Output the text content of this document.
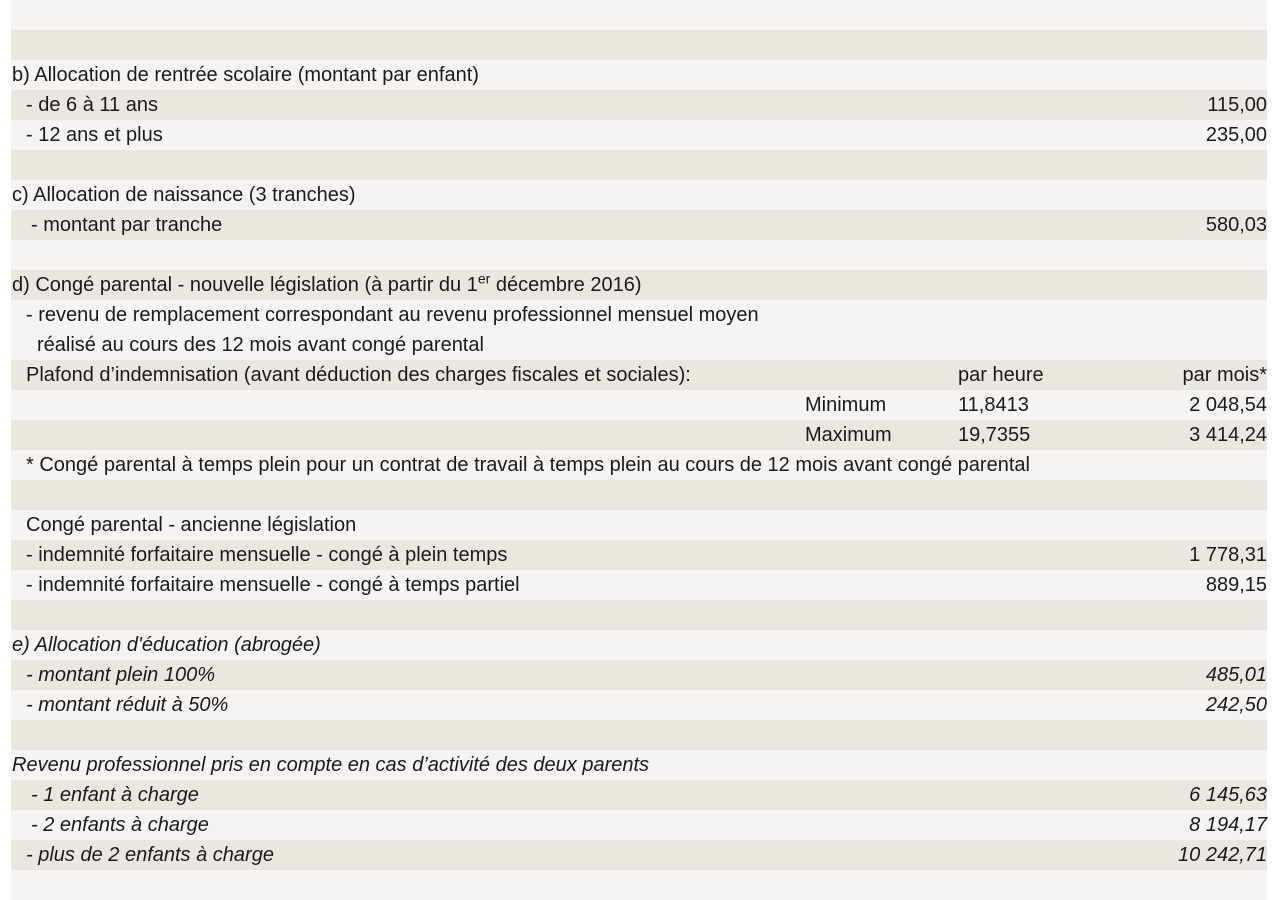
b) Allocation de rentrée scolaire (montant par enfant)
- de 6 à 11 ans	115,00
- 12 ans et plus	235,00
c) Allocation de naissance (3 tranches)
- montant par tranche	580,03
d) Congé parental - nouvelle législation (à partir du 1er décembre 2016)
- revenu de remplacement correspondant au revenu professionnel mensuel moyen
réalisé au cours des 12 mois avant congé parental
Plafond d’indemnisation (avant déduction des charges fiscales et sociales):	par heure	par mois*
Minimum	11,8413	2 048,54
Maximum	19,7355	3 414,24
* Congé parental à temps plein pour un contrat de travail à temps plein au cours de 12 mois avant congé parental
Congé parental - ancienne législation
- indemnité forfaitaire mensuelle - congé à plein temps	1 778,31
- indemnité forfaitaire mensuelle - congé à temps partiel	889,15
e) Allocation d'éducation (abrogée)
- montant plein 100%	485,01
- montant réduit à 50%	242,50
Revenu professionnel pris en compte en cas d’activité des deux parents
- 1 enfant à charge	6 145,63
- 2 enfants à charge	8 194,17
- plus de 2 enfants à charge	10 242,71
